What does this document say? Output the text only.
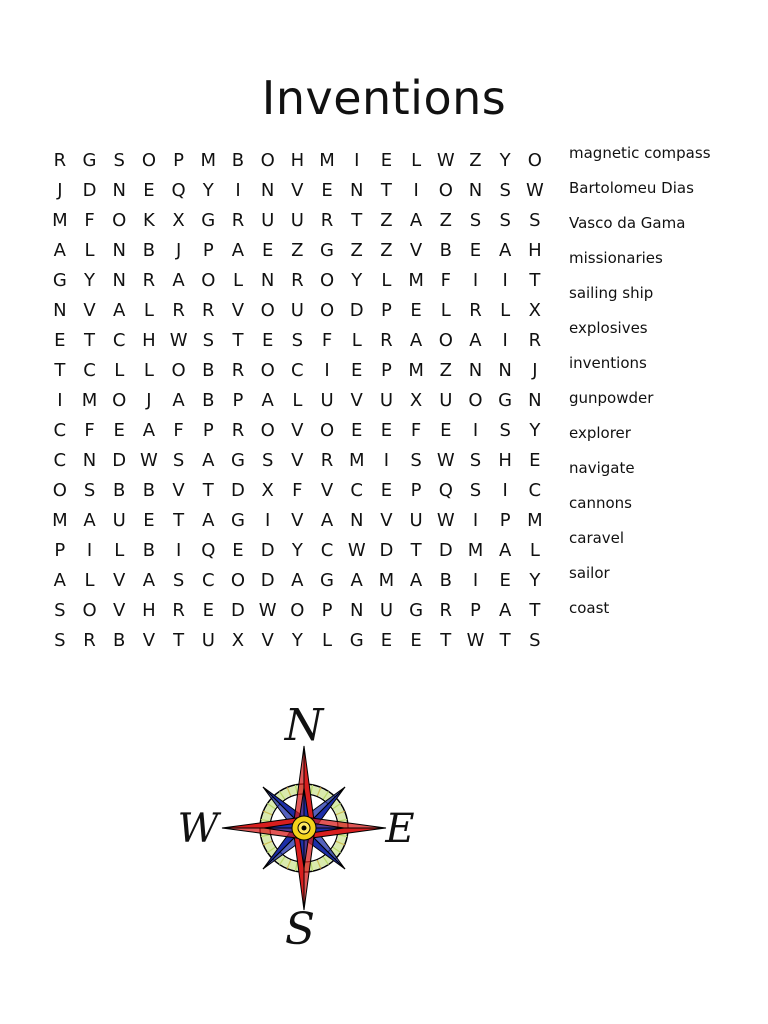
Inventions
R G S O P M B O H M	I	E	L W Z	Y O
J	D N E Q Y	I	N V E N T	I	O N S W
M F O K X G R U U R T	Z A Z S	S	S
A	L N B	J	P	A E Z G Z Z V B E A H
G Y N R A O L N R O Y	L M F	I	I	T
N V A	L	R R V O U O D P	E	L	R	L	X
E	T C H W S	T	E	S	F	L	R A O A	I	R
T C	L	L O B R O C	I	E	P M Z N N	J
I	M O	J	A B	P	A	L	U V U X U O G N
C	F	E A	F	P	R O V O E	E	F	E	I	S	Y
C N D W S A G S V R M	I	S W S H E
O S B B V	T D X	F	V C E	P Q S	I	C
M A U E	T	A G	I	V A N V U W	I	P M
P	I	L	B	I	Q E D Y C W D T D M A	L
A	L	V A S C O D A G A M A B	I	E	Y
S O V H R E D W O P N U G R	P	A	T
S R B V	T U X V	Y	L G E	E	T W T	S
magnetic compass
Bartolomeu Dias
Vasco da Gama
missionaries
sailing ship
explosives
inventions
gunpowder
explorer
navigate
cannons
caravel
sailor
coast
N
E
S
W
